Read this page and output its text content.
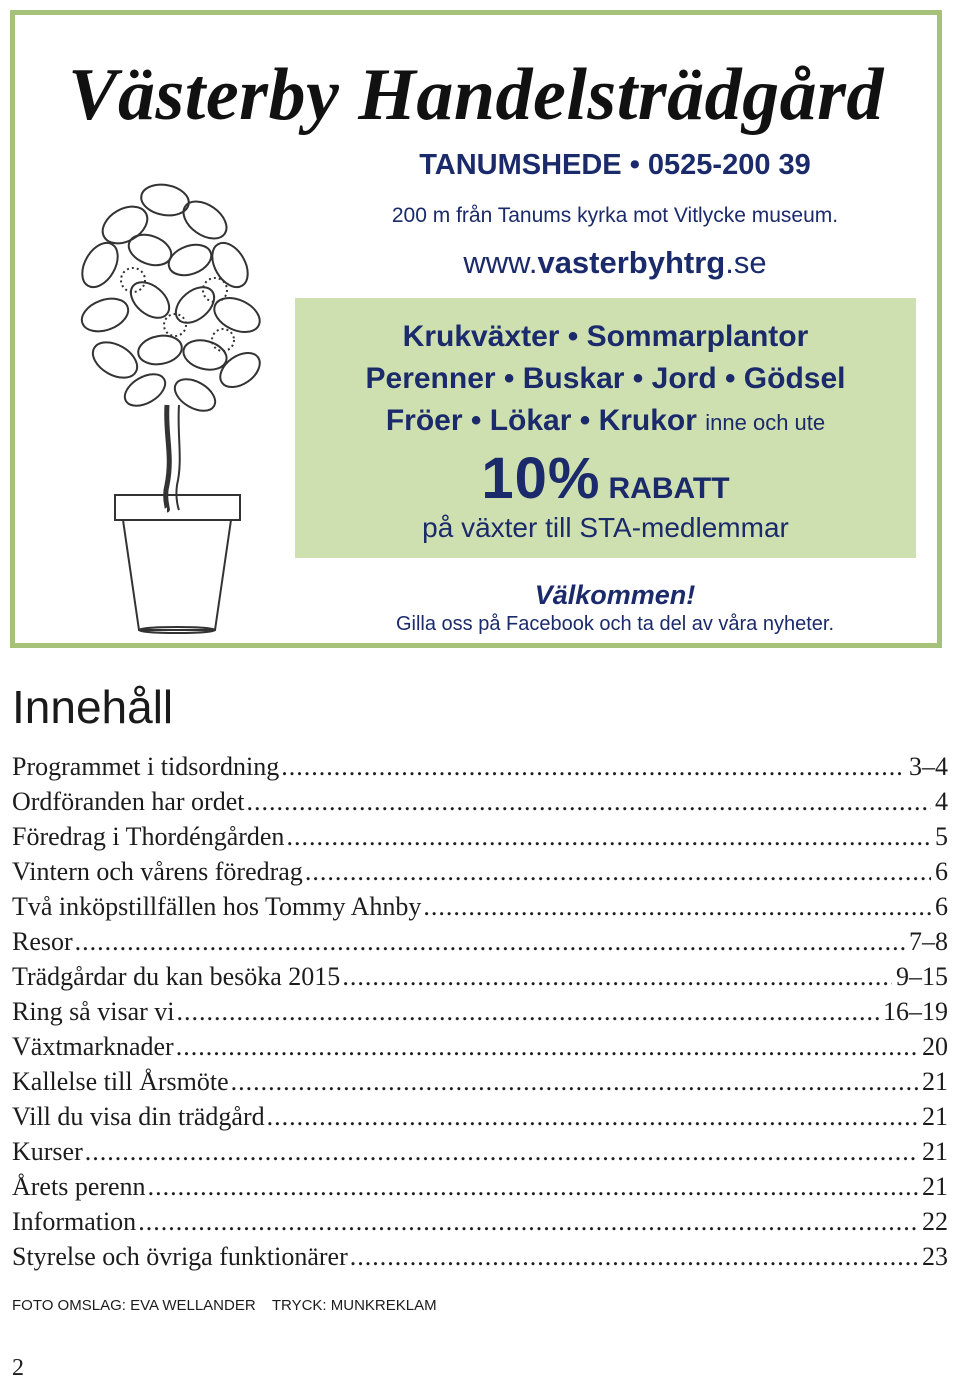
Västerby Handelsträdgård
TANUMSHEDE • 0525-200 39
200 m från Tanums kyrka mot Vitlycke museum.
www.vasterbyhtrg.se
Krukväxter • Sommarplantor
Perenner • Buskar • Jord • Gödsel
Fröer • Lökar • Krukor inne och ute
10% RABATT
på växter till STA-medlemmar
Välkommen!
Gilla oss på Facebook och ta del av våra nyheter.
Innehåll
Programmet i tidsordning .....	3–4
Ordföranden har ordet .....	4
Föredrag i Thordéngården .....	5
Vintern och vårens föredrag .....	6
Två inköpstillfällen hos Tommy Ahnby .....	6
Resor .....	7–8
Trädgårdar du kan besöka 2015 .....	9–15
Ring så visar vi .....	16–19
Växtmarknader .....	20
Kallelse till Årsmöte .....	21
Vill du visa din trädgård .....	21
Kurser .....	21
Årets perenn .....	21
Information .....	22
Styrelse och övriga funktionärer .....	23
FOTO OMSLAG: EVA WELLANDER TRYCK: MUNKREKLAM
2
